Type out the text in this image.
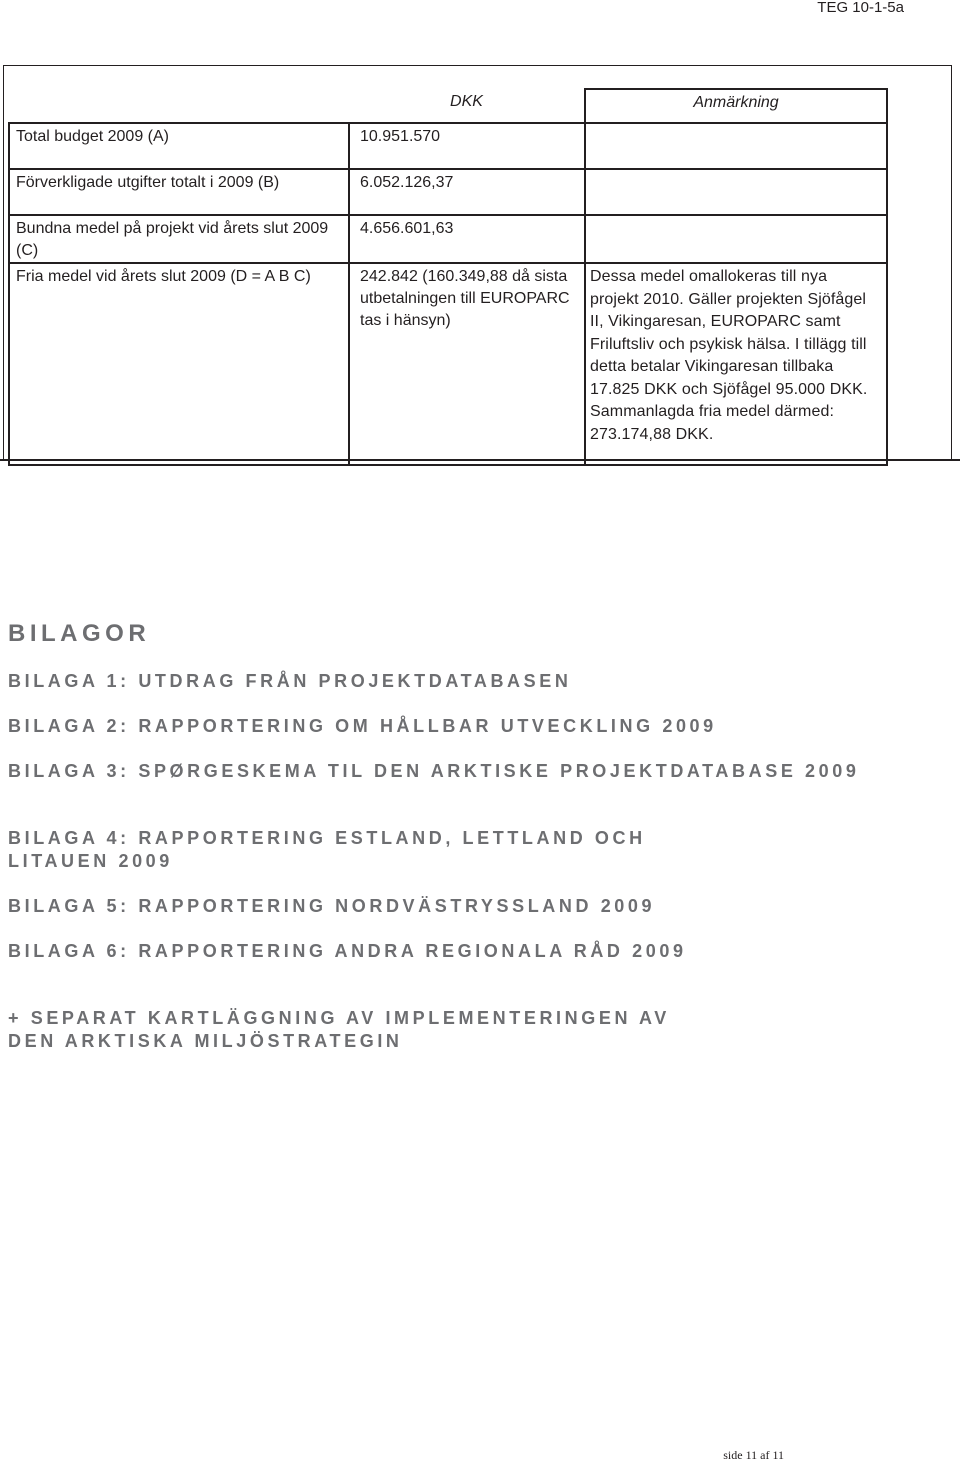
TEG 10-1-5a
	DKK	Anmärkning
Total budget 2009 (A)	10.951.570	
Förverkligade utgifter totalt i 2009 (B)	6.052.126,37	
Bundna medel på projekt vid årets slut 2009 (C)	4.656.601,63	
Fria medel vid årets slut 2009 (D = A B C)	242.842 (160.349,88 då sista utbetalningen till EUROPARC tas i hänsyn)	Dessa medel omallokeras till nya projekt 2010. Gäller projekten Sjöfågel II, Vikingaresan, EUROPARC samt Friluftsliv och psykisk hälsa. I tillägg till detta betalar Vikingaresan tillbaka 17.825 DKK och Sjöfågel 95.000 DKK. Sammanlagda fria medel därmed: 273.174,88 DKK.
BILAGOR

BILAGA 1: UTDRAG FRÅN PROJEKTDATABASEN

BILAGA 2: RAPPORTERING OM HÅLLBAR UTVECKLING 2009

BILAGA 3: SPØRGESKEMA TIL DEN ARKTISKE PROJEKTDATABASE 2009

BILAGA 4: RAPPORTERING ESTLAND, LETTLAND OCH LITAUEN 2009

BILAGA 5: RAPPORTERING NORDVÄSTRYSSLAND 2009

BILAGA 6: RAPPORTERING ANDRA REGIONALA RÅD 2009

+ SEPARAT KARTLÄGGNING AV IMPLEMENTERINGEN AV DEN ARKTISKA MILJÖSTRATEGIN

side 11 af 11
